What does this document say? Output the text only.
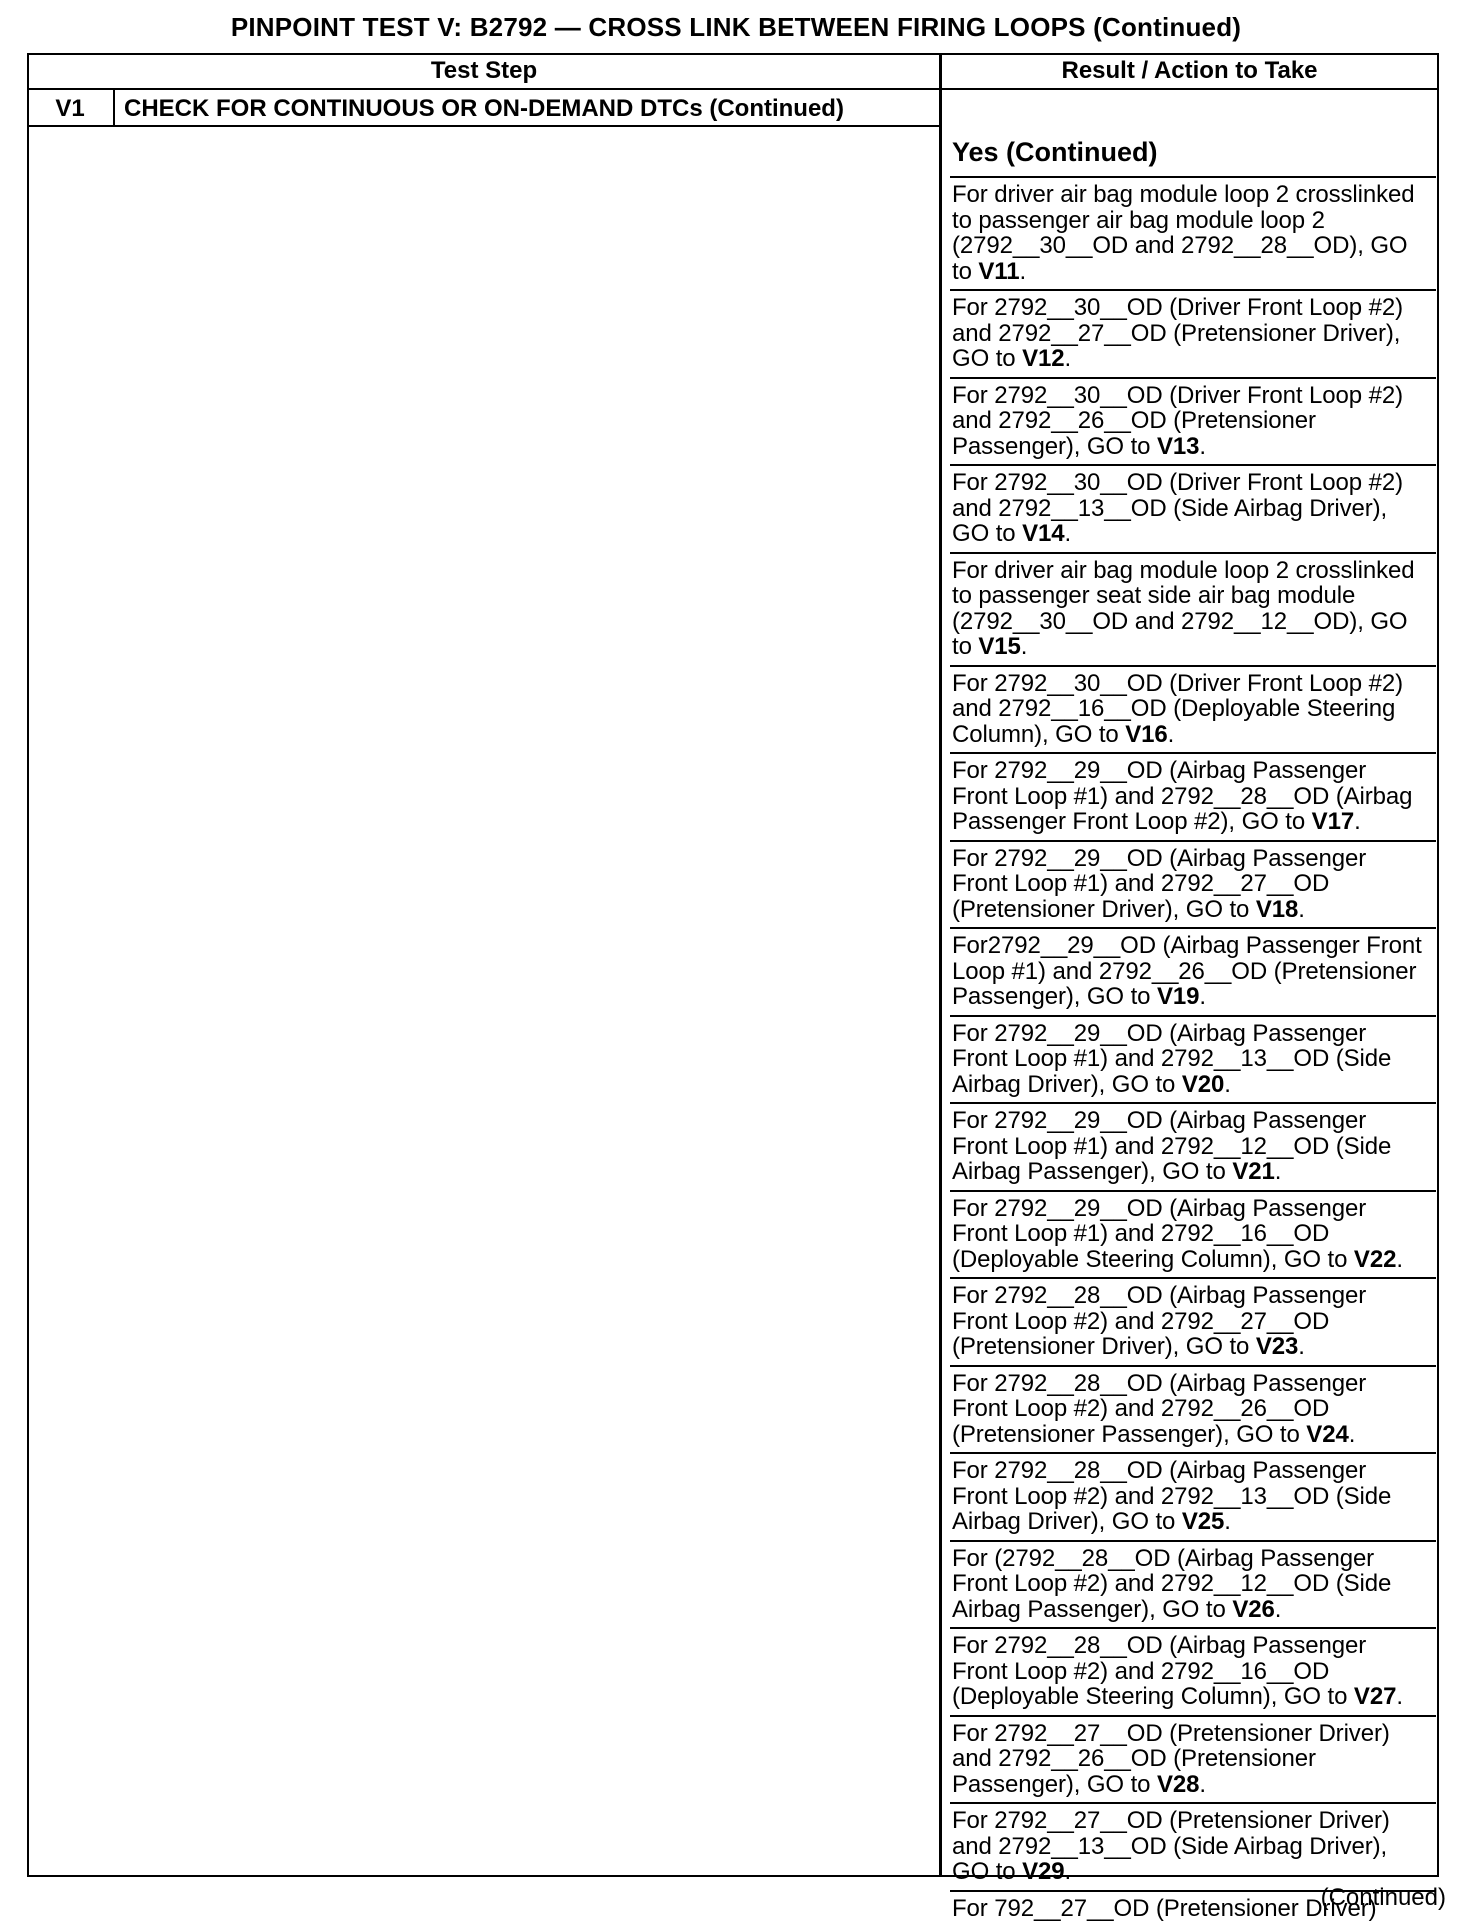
PINPOINT TEST V: B2792 — CROSS LINK BETWEEN FIRING LOOPS (Continued)
Test Step	Result / Action to Take
V1	CHECK FOR CONTINUOUS OR ON-DEMAND DTCs (Continued)
Yes (Continued)
For driver air bag module loop 2 crosslinked to passenger air bag module loop 2 (2792__30__OD and 2792__28__OD), GO to V11.
For 2792__30__OD (Driver Front Loop #2) and 2792__27__OD (Pretensioner Driver), GO to V12.
For 2792__30__OD (Driver Front Loop #2) and 2792__26__OD (Pretensioner Passenger), GO to V13.
For 2792__30__OD (Driver Front Loop #2) and 2792__13__OD (Side Airbag Driver), GO to V14.
For driver air bag module loop 2 crosslinked to passenger seat side air bag module (2792__30__OD and 2792__12__OD), GO to V15.
For 2792__30__OD (Driver Front Loop #2) and 2792__16__OD (Deployable Steering Column), GO to V16.
For 2792__29__OD (Airbag Passenger Front Loop #1) and 2792__28__OD (Airbag Passenger Front Loop #2), GO to V17.
For 2792__29__OD (Airbag Passenger Front Loop #1) and 2792__27__OD (Pretensioner Driver), GO to V18.
For2792__29__OD (Airbag Passenger Front Loop #1) and 2792__26__OD (Pretensioner Passenger), GO to V19.
For 2792__29__OD (Airbag Passenger Front Loop #1) and 2792__13__OD (Side Airbag Driver), GO to V20.
For 2792__29__OD (Airbag Passenger Front Loop #1) and 2792__12__OD (Side Airbag Passenger), GO to V21.
For 2792__29__OD (Airbag Passenger Front Loop #1) and 2792__16__OD (Deployable Steering Column), GO to V22.
For 2792__28__OD (Airbag Passenger Front Loop #2) and 2792__27__OD (Pretensioner Driver), GO to V23.
For 2792__28__OD (Airbag Passenger Front Loop #2) and 2792__26__OD (Pretensioner Passenger), GO to V24.
For 2792__28__OD (Airbag Passenger Front Loop #2) and 2792__13__OD (Side Airbag Driver), GO to V25.
For (2792__28__OD (Airbag Passenger Front Loop #2) and 2792__12__OD (Side Airbag Passenger), GO to V26.
For 2792__28__OD (Airbag Passenger Front Loop #2) and 2792__16__OD (Deployable Steering Column), GO to V27.
For 2792__27__OD (Pretensioner Driver) and 2792__26__OD (Pretensioner Passenger), GO to V28.
For 2792__27__OD (Pretensioner Driver) and 2792__13__OD (Side Airbag Driver), GO to V29.
For 792__27__OD (Pretensioner Driver)
(Continued)
